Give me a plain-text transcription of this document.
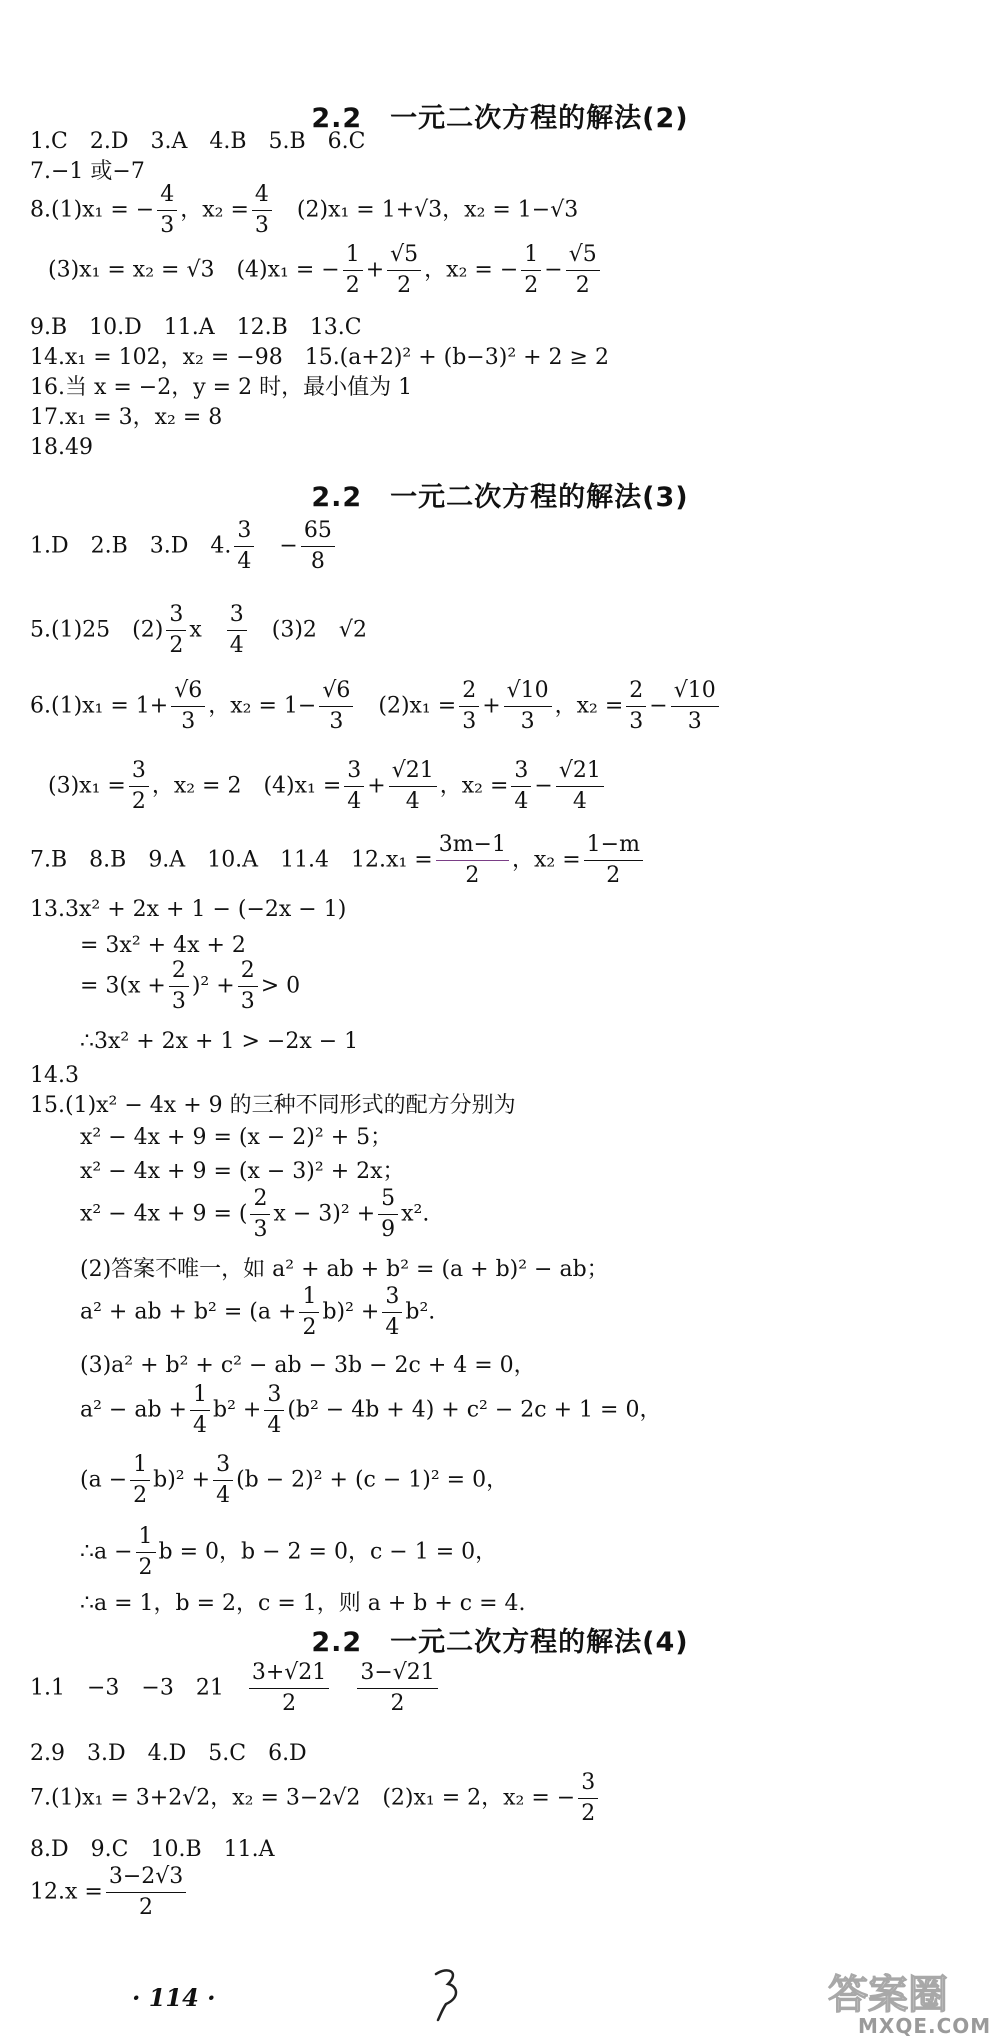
2.2　一元二次方程的解法(2)
1.C　2.D　3.A　4.B　5.B　6.C
7.−1 或−7
8.(1)x₁ = − $\frac{4}{3}$ ，$x_2 = \frac{4}{3}$
　 (2)x₁ = 1+√3，x₂ = 1−√3
(3)x₁ = x₂ = √3　(4)x₁ = − $\frac{1}{2} + \frac{√5}{2}$ ，x₂ = − $\frac{1}{2} - \frac{√5}{2}$
9.B　10.D　11.A　12.B　13.C
14.x₁ = 102，x₂ = −98　15.(a+2)² + (b−3)² + 2 ≥ 2
16.当 x = −2，y = 2 时，最小值为 1
17.x₁ = 3，x₂ = 8
18.49
2.2　一元二次方程的解法(3)
1.D　2.B　3.D　4. $\frac{3}{4}$
　 − $\frac{65}{8}$
5.(1)25　$(2) \frac{3}{2}$ x　 $\frac{3}{4}$
　 (3)2　√2
$6.(1)x_1 = 1+ \frac{√6}{3}$ ，$x_2 = 1- \frac{√6}{3}$
　 $(2)x_1 = \frac{2}{3} + \frac{√10}{3}$ ，$x_2 = \frac{2}{3} - \frac{√10}{3}$
$(3)x_1 = \frac{3}{2}$ ，x₂ = 2　$(4)x_1 = \frac{3}{4} + \frac{√21}{4}$ ，$x_2 = \frac{3}{4} - \frac{√21}{4}$
7.B　8.B　9.A　10.A　11.4　$12.x_1 = \frac{3m-1}{2}$ ，$x_2 = \frac{1-m}{2}$
13.3x² + 2x + 1 − (−2x − 1)
= 3x² + 4x + 2
= $3(x + \frac{2}{3} )^2 + \frac{2}{3} > 0$
∴3x² + 2x + 1 > −2x − 1
14.3
15.(1)x² − 4x + 9 的三种不同形式的配方分别为
x² − 4x + 9 = (x − 2)² + 5；
x² − 4x + 9 = (x − 3)² + 2x；
x² − 4x + 9 = ( $\frac{2}{3}$ $x - 3)^2 + \frac{5}{9} x^2$.
(2)答案不唯一，如 a² + ab + b² = (a + b)² − ab；
a² + ab + $b^2 = (a + \frac{1}{2} b)^2 + \frac{3}{4} b^2$.
(3)a² + b² + c² − ab − 3b − 2c + 4 = 0，
a² − ab + $\frac{1}{4} b^2 + \frac{3}{4} (b^2 - 4b + 4) + c^2 - 2c + 1 = 0$，
$(a - \frac{1}{2} b)^2 + \frac{3}{4} (b - 2)^2 + (c - 1)^2 = 0$，
∴a − $\frac{1}{2}$ b = 0，b − 2 = 0，c − 1 = 0，
∴a = 1，b = 2，c = 1，则 a + b + c = 4.
2.2　一元二次方程的解法(4)
1.1　−3　−3　21　 $\frac{3+√21}{2}$
　 $\frac{3-√21}{2}$
2.9　3.D　4.D　5.C　6.D
7.(1)x₁ = 3+2√2，x₂ = 3−2√2　(2)x₁ = 2，x₂ = − $\frac{3}{2}$
8.D　9.C　10.B　11.A
$12.x = \frac{3-2√3}{2}$
· 114 ·	答案圈
MXQE.COM
